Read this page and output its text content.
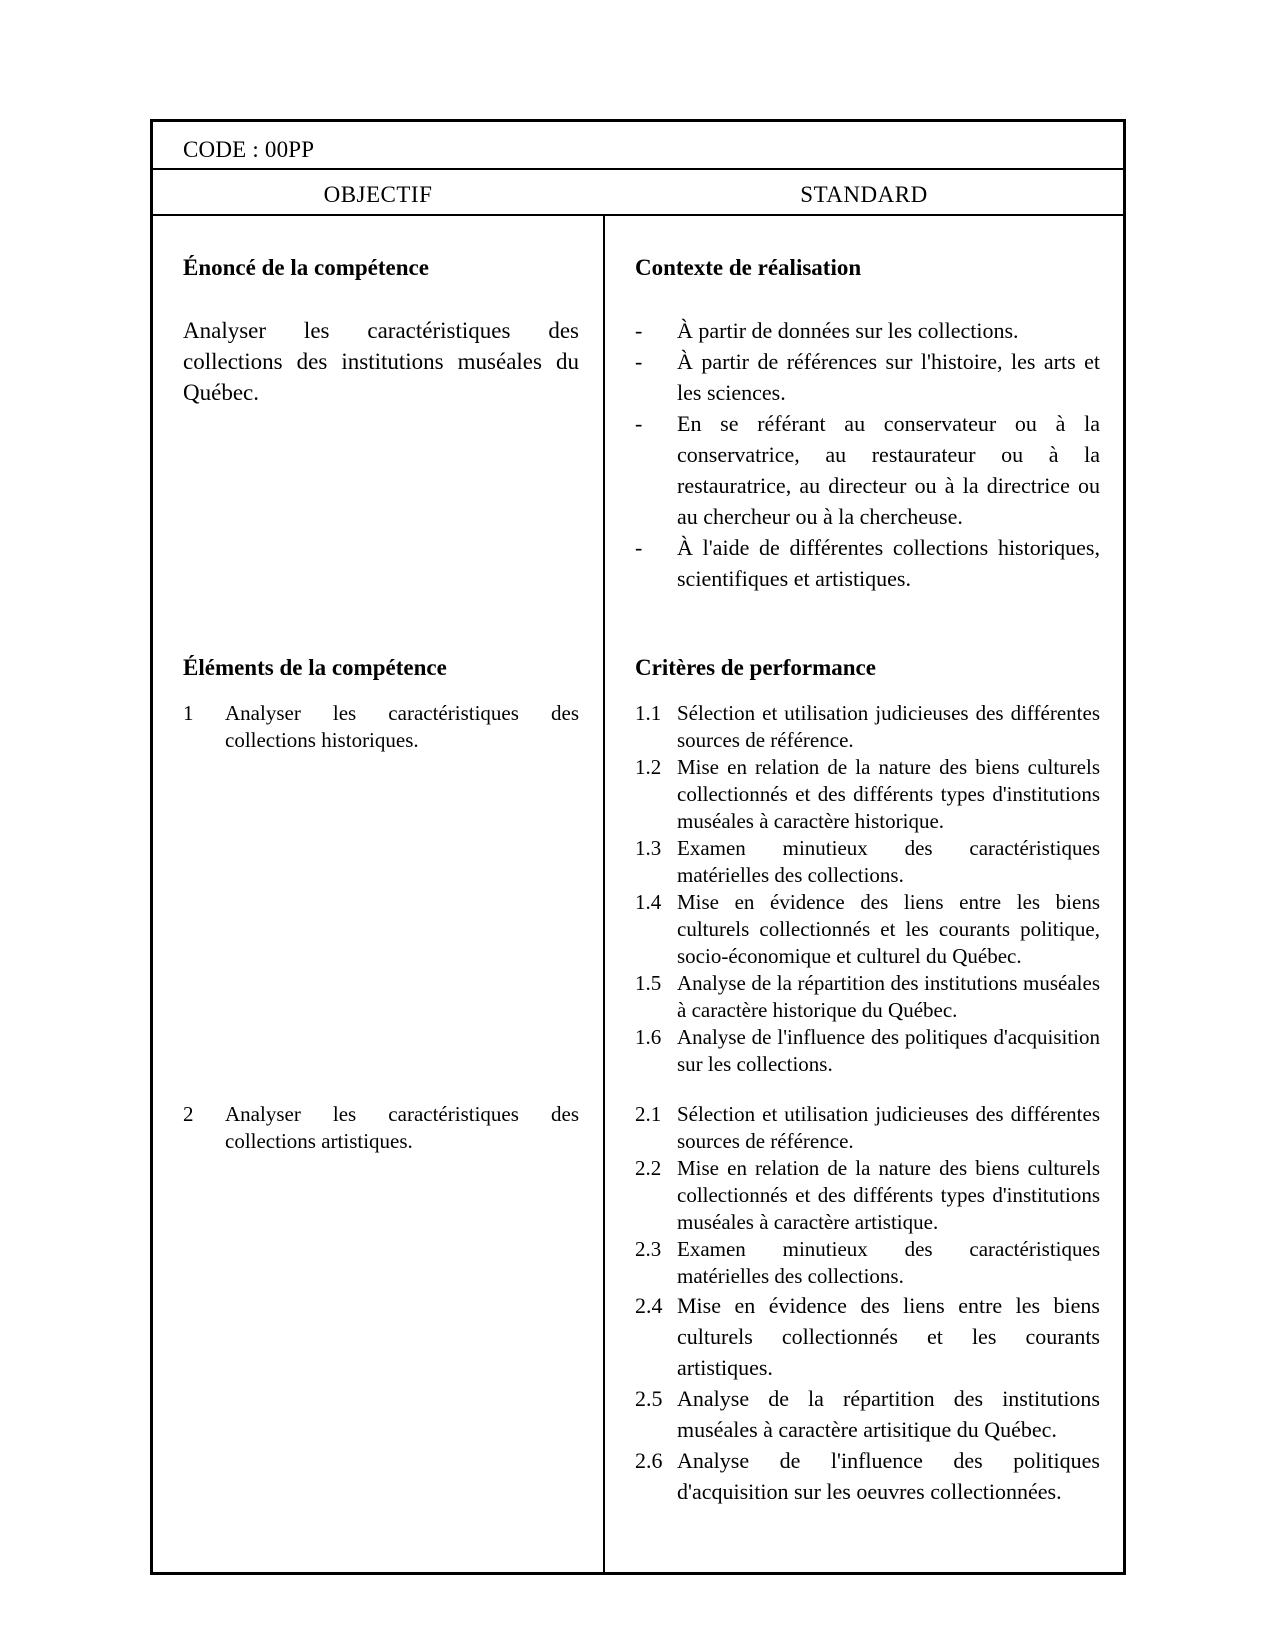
CODE : 00PP
OBJECTIF	STANDARD
Énoncé de la compétence
Analyser les caractéristiques des collections des institutions muséales du Québec.
Contexte de réalisation
- À partir de données sur les collections.
- À partir de références sur l'histoire, les arts et les sciences.
- En se référant au conservateur ou à la conservatrice, au restaurateur ou à la restauratrice, au directeur ou à la directrice ou au chercheur ou à la chercheuse.
- À l'aide de différentes collections historiques, scientifiques et artistiques.
Éléments de la compétence
1 Analyser les caractéristiques des collections historiques.
2 Analyser les caractéristiques des collections artistiques.
Critères de performance
1.1 Sélection et utilisation judicieuses des différentes sources de référence.
1.2 Mise en relation de la nature des biens culturels collectionnés et des différents types d'institutions muséales à caractère historique.
1.3 Examen minutieux des caractéristiques matérielles des collections.
1.4 Mise en évidence des liens entre les biens culturels collectionnés et les courants politique, socio-économique et culturel du Québec.
1.5 Analyse de la répartition des institutions muséales à caractère historique du Québec.
1.6 Analyse de l'influence des politiques d'acquisition sur les collections.
2.1 Sélection et utilisation judicieuses des différentes sources de référence.
2.2 Mise en relation de la nature des biens culturels collectionnés et des différents types d'institutions muséales à caractère artistique.
2.3 Examen minutieux des caractéristiques matérielles des collections.
2.4 Mise en évidence des liens entre les biens culturels collectionnés et les courants artistiques.
2.5 Analyse de la répartition des institutions muséales à caractère artisitique du Québec.
2.6 Analyse de l'influence des politiques d'acquisition sur les oeuvres collectionnées.
